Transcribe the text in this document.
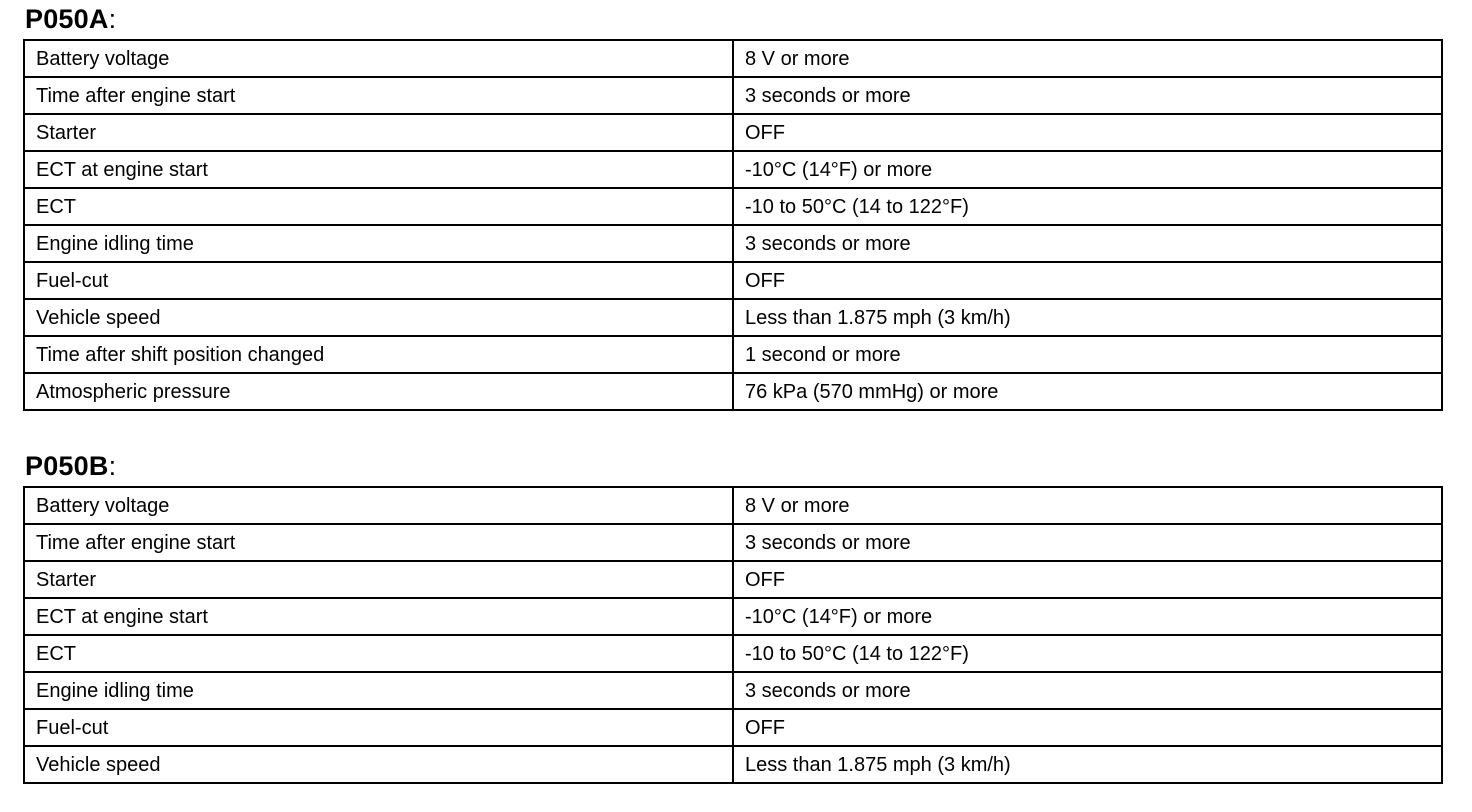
P050A:
Battery voltage	8 V or more
Time after engine start	3 seconds or more
Starter	OFF
ECT at engine start	-10°C (14°F) or more
ECT	-10 to 50°C (14 to 122°F)
Engine idling time	3 seconds or more
Fuel-cut	OFF
Vehicle speed	Less than 1.875 mph (3 km/h)
Time after shift position changed	1 second or more
Atmospheric pressure	76 kPa (570 mmHg) or more
P050B:
Battery voltage	8 V or more
Time after engine start	3 seconds or more
Starter	OFF
ECT at engine start	-10°C (14°F) or more
ECT	-10 to 50°C (14 to 122°F)
Engine idling time	3 seconds or more
Fuel-cut	OFF
Vehicle speed	Less than 1.875 mph (3 km/h)
